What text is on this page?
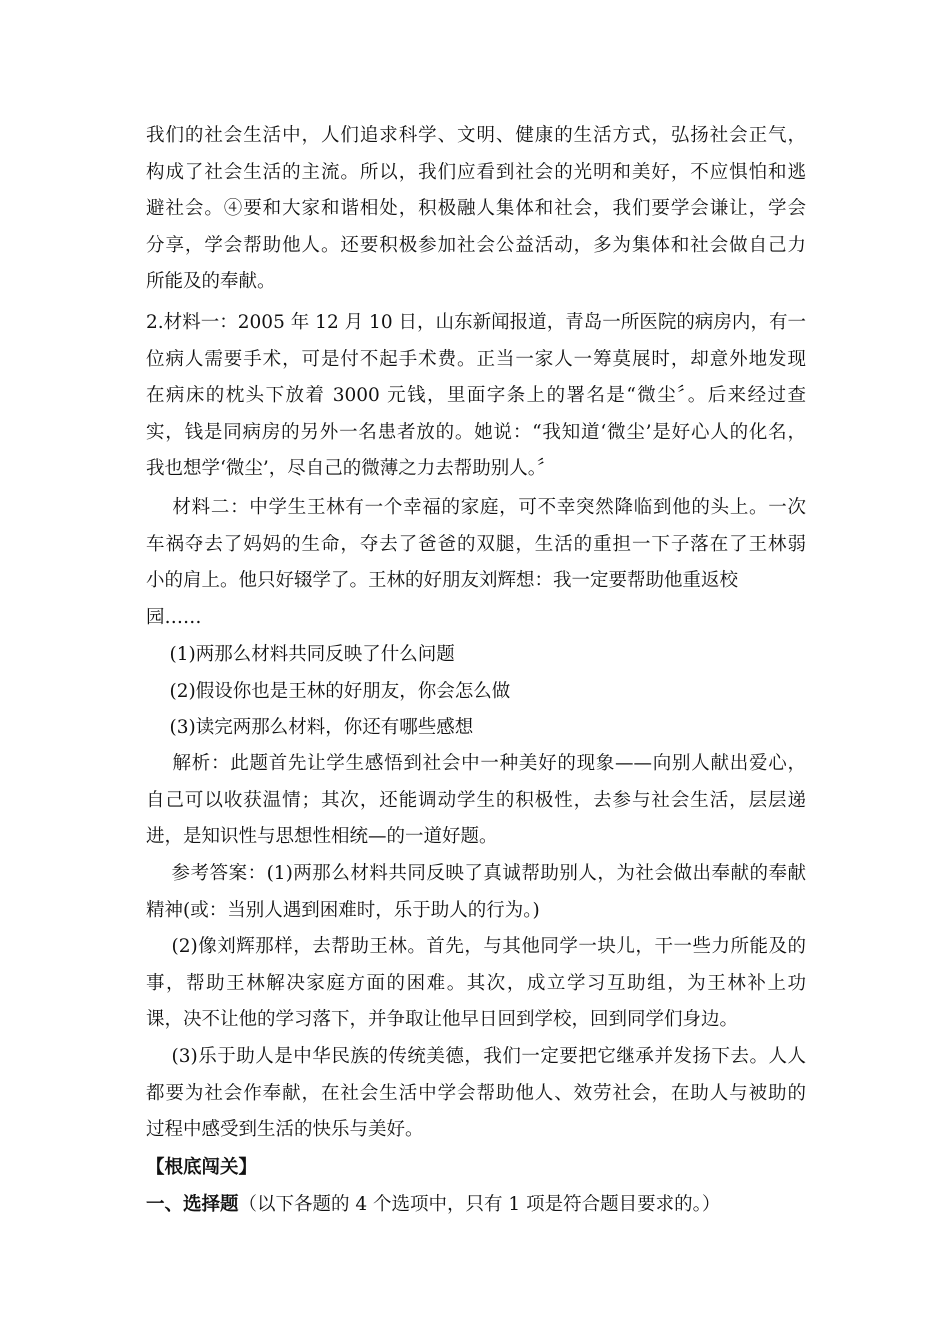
我们的社会生活中，人们追求科学、文明、健康的生活方式，弘扬社会正气，
构成了社会生活的主流。所以，我们应看到社会的光明和美好，不应惧怕和逃
避社会。④要和大家和谐相处，积极融人集体和社会，我们要学会谦让，学会
分享，学会帮助他人。还要积极参加社会公益活动，多为集体和社会做自己力
所能及的奉献。
2.材料一：2005 年 12 月 10 日，山东新闻报道，青岛一所医院的病房内，有一
位病人需要手术，可是付不起手术费。正当一家人一筹莫展时，却意外地发现
在病床的枕头下放着 3000 元钱，里面字条上的署名是“微尘〞。后来经过查
实，钱是同病房的另外一名患者放的。她说：“我知道‘微尘’是好心人的化名，
我也想学‘微尘’，尽自己的微薄之力去帮助别人。〞
材料二：中学生王林有一个幸福的家庭，可不幸突然降临到他的头上。一次
车祸夺去了妈妈的生命，夺去了爸爸的双腿，生活的重担一下子落在了王林弱
小的肩上。他只好辍学了。王林的好朋友刘辉想：我一定要帮助他重返校
园……
(1)两那么材料共同反映了什么问题
(2)假设你也是王林的好朋友，你会怎么做
(3)读完两那么材料，你还有哪些感想
解析：此题首先让学生感悟到社会中一种美好的现象——向别人献出爱心，
自己可以收获温情；其次，还能调动学生的积极性，去参与社会生活，层层递
进，是知识性与思想性相统—的一道好题。
参考答案：(1)两那么材料共同反映了真诚帮助别人，为社会做出奉献的奉献
精神(或：当别人遇到困难时，乐于助人的行为。)
(2)像刘辉那样，去帮助王林。首先，与其他同学一块儿，干一些力所能及的
事，帮助王林解决家庭方面的困难。其次，成立学习互助组，为王林补上功
课，决不让他的学习落下，并争取让他早日回到学校，回到同学们身边。
(3)乐于助人是中华民族的传统美德，我们一定要把它继承并发扬下去。人人
都要为社会作奉献，在社会生活中学会帮助他人、效劳社会，在助人与被助的
过程中感受到生活的快乐与美好。
【根底闯关】
一、选择题（以下各题的 4 个选项中，只有 1 项是符合题目要求的。）
